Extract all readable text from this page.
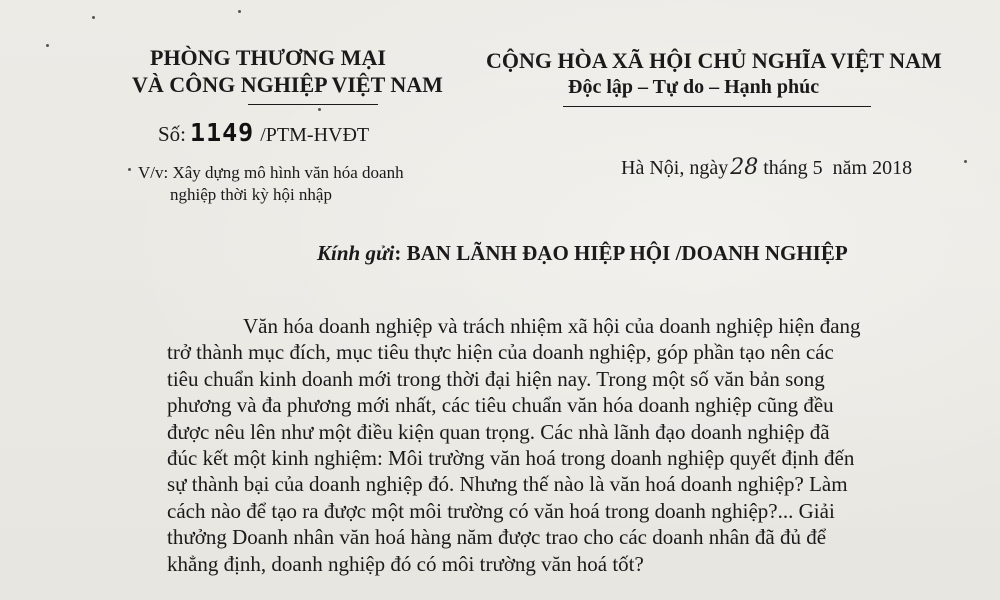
PHÒNG THƯƠNG MẠI
VÀ CÔNG NGHIỆP VIỆT NAM
CỘNG HÒA XÃ HỘI CHỦ NGHĨA VIỆT NAM
Độc lập – Tự do – Hạnh phúc
Số: 1149 /PTM-HVĐT
V/v: Xây dựng mô hình văn hóa doanh
nghiệp thời kỳ hội nhập
Hà Nội, ngày28 tháng 5 năm 2018
Kính gửi: BAN LÃNH ĐẠO HIỆP HỘI /DOANH NGHIỆP
Văn hóa doanh nghiệp và trách nhiệm xã hội của doanh nghiệp hiện đang
trở thành mục đích, mục tiêu thực hiện của doanh nghiệp, góp phần tạo nên các
tiêu chuẩn kinh doanh mới trong thời đại hiện nay. Trong một số văn bản song
phương và đa phương mới nhất, các tiêu chuẩn văn hóa doanh nghiệp cũng đều
được nêu lên như một điều kiện quan trọng. Các nhà lãnh đạo doanh nghiệp đã
đúc kết một kinh nghiệm: Môi trường văn hoá trong doanh nghiệp quyết định đến
sự thành bại của doanh nghiệp đó. Nhưng thế nào là văn hoá doanh nghiệp? Làm
cách nào để tạo ra được một môi trường có văn hoá trong doanh nghiệp?... Giải
thưởng Doanh nhân văn hoá hàng năm được trao cho các doanh nhân đã đủ để
khẳng định, doanh nghiệp đó có môi trường văn hoá tốt?
